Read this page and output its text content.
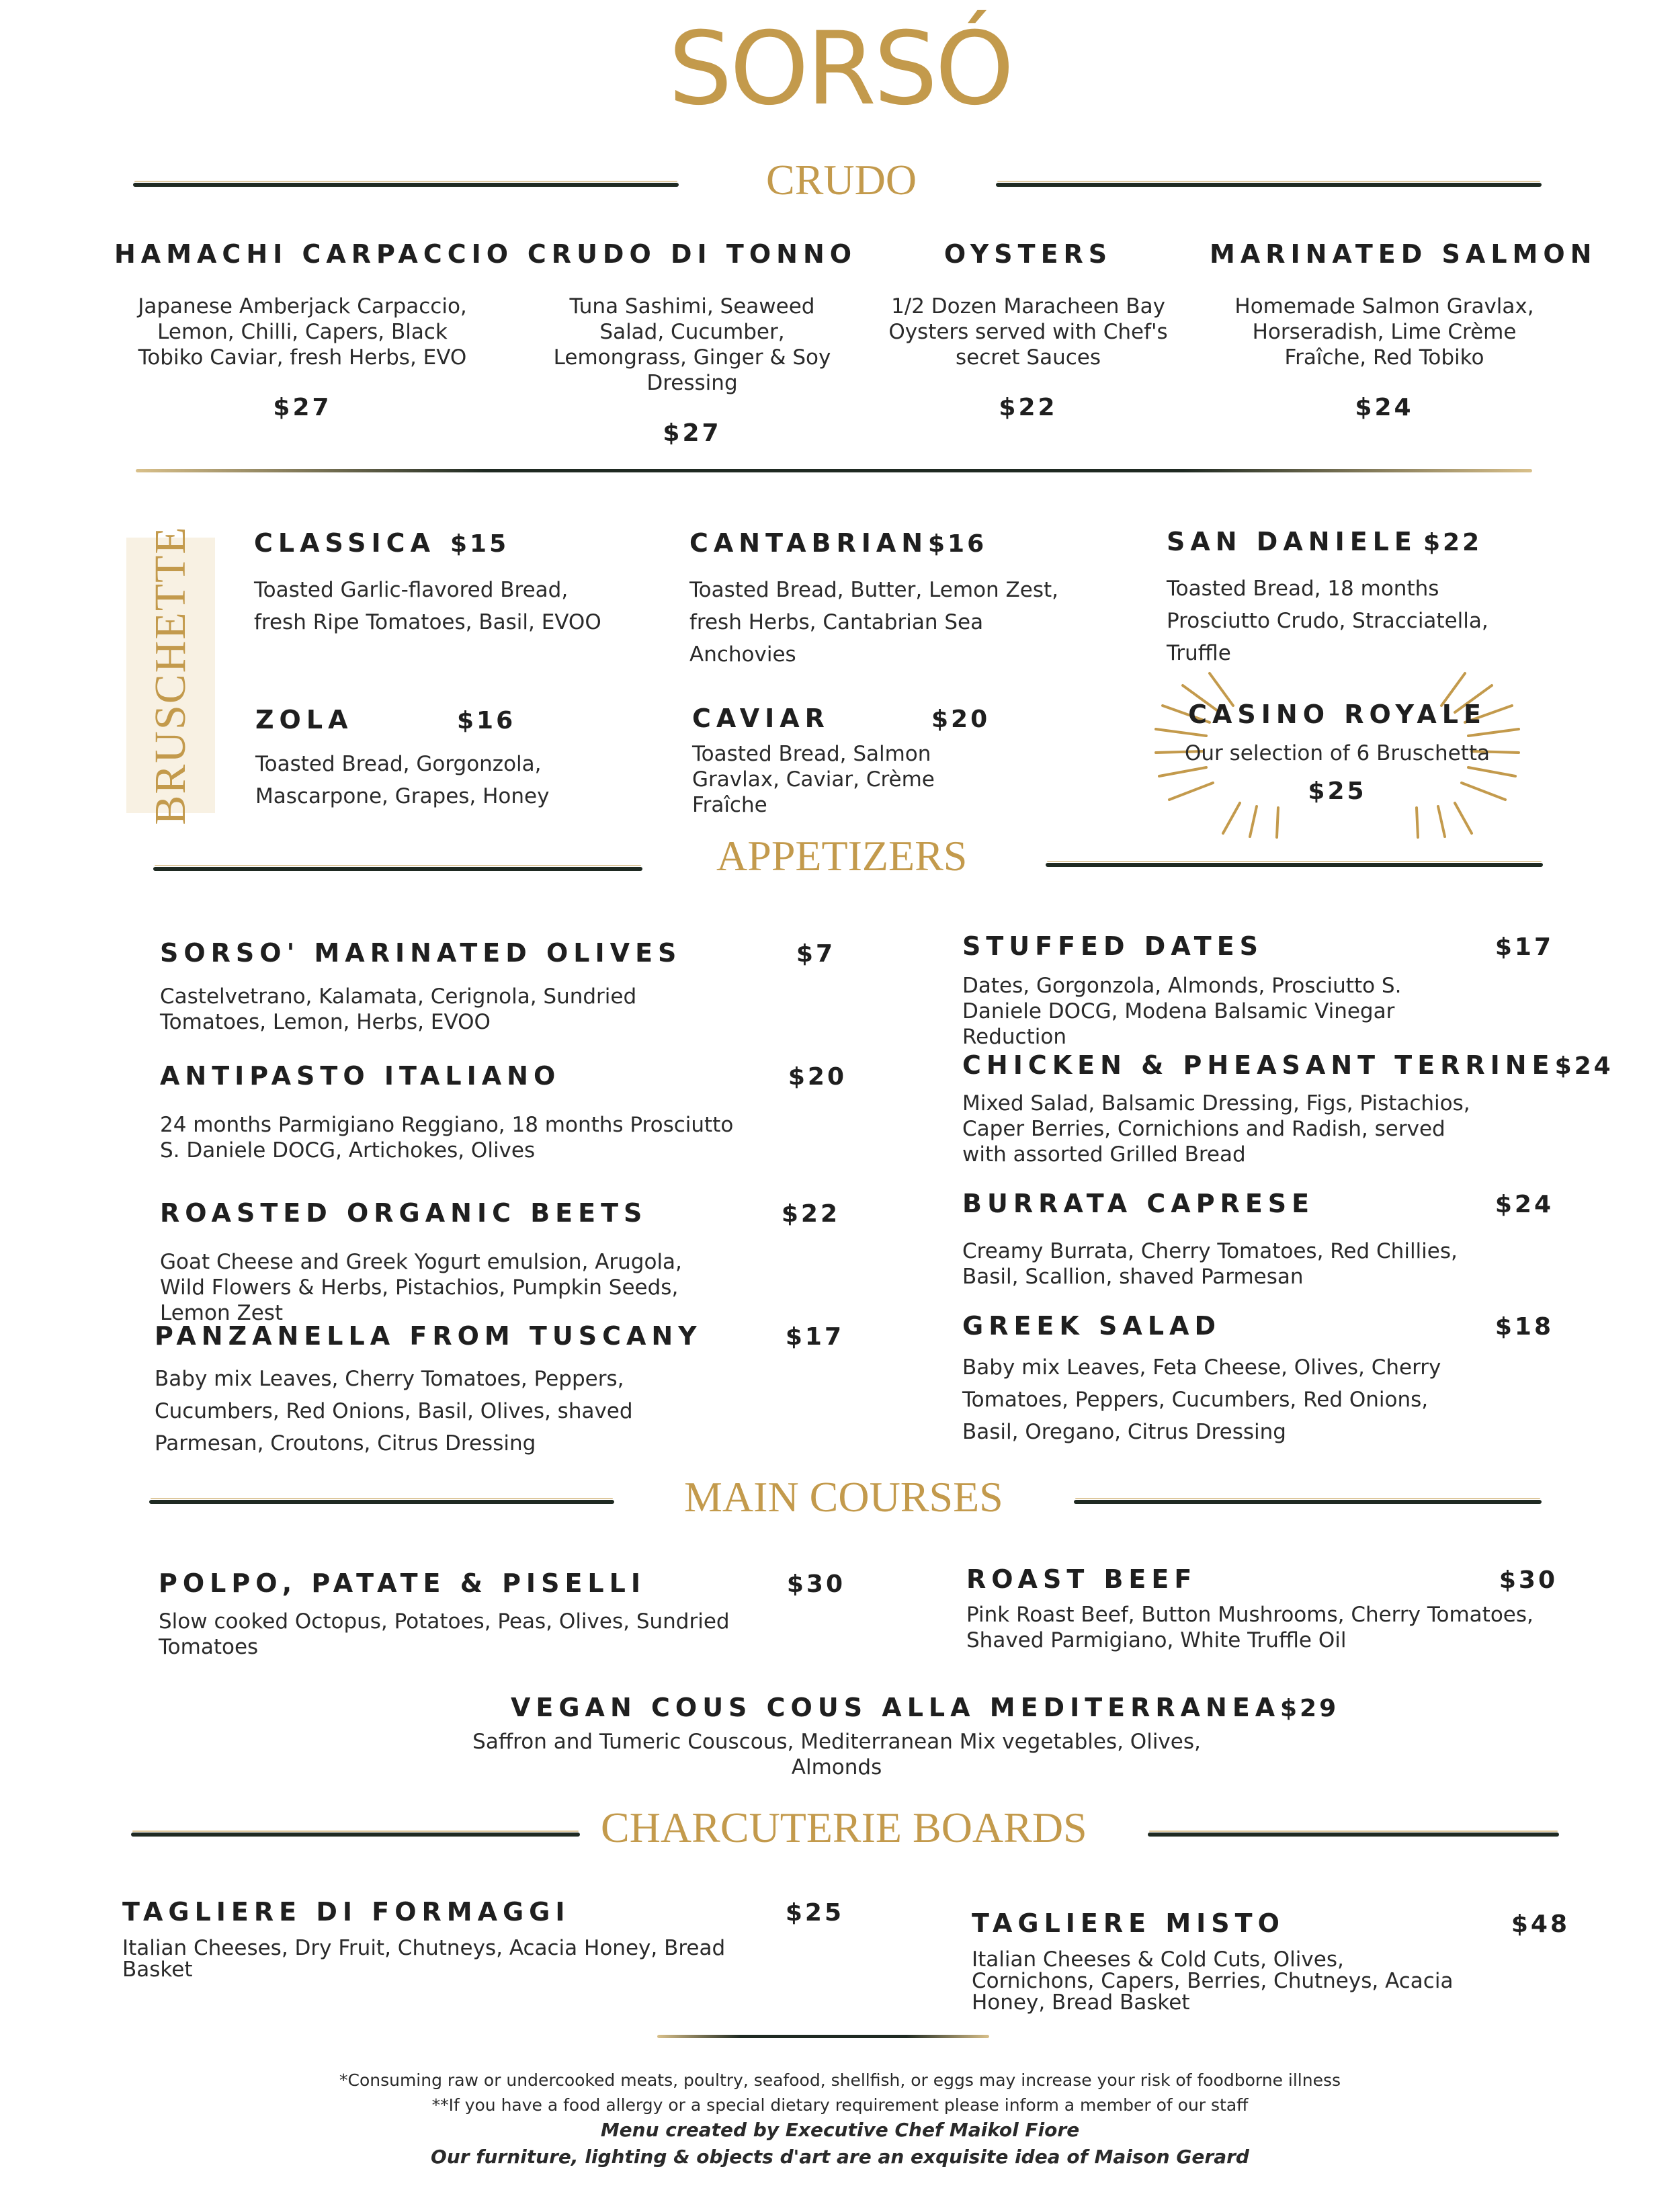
SORSÓ
CRUDO
HAMACHI CARPACCIO
Japanese Amberjack Carpaccio, Lemon, Chilli, Capers, Black Tobiko Caviar, fresh Herbs, EVO
$27
CRUDO DI TONNO
Tuna Sashimi, Seaweed Salad, Cucumber, Lemongrass, Ginger & Soy Dressing
$27
OYSTERS
1/2 Dozen Maracheen Bay Oysters served with Chef's secret Sauces
$22
MARINATED SALMON
Homemade Salmon Gravlax, Horseradish, Lime Crème Fraîche, Red Tobiko
$24
BRUSCHETTE CLASSICA $15
Toasted Garlic-flavored Bread, fresh Ripe Tomatoes, Basil, EVOO
CANTABRIAN $16
Toasted Bread, Butter, Lemon Zest, fresh Herbs, Cantabrian Sea Anchovies
SAN DANIELE $22
Toasted Bread, 18 months Prosciutto Crudo, Stracciatella, Truffle
ZOLA	$16
Toasted Bread, Gorgonzola, Mascarpone, Grapes, Honey
CAVIAR	$20
Toasted Bread, Salmon Gravlax, Caviar, Crème Fraîche
CASINO ROYALE
Our selection of 6 Bruschetta
$25
APPETIZERS
SORSO' MARINATED OLIVES	$7
Castelvetrano, Kalamata, Cerignola, Sundried Tomatoes, Lemon, Herbs, EVOO
ANTIPASTO ITALIANO	$20
24 months Parmigiano Reggiano, 18 months Prosciutto S. Daniele DOCG, Artichokes, Olives
ROASTED ORGANIC BEETS	$22
Goat Cheese and Greek Yogurt emulsion, Arugola, Wild Flowers & Herbs, Pistachios, Pumpkin Seeds, Lemon Zest
PANZANELLA FROM TUSCANY	$17
Baby mix Leaves, Cherry Tomatoes, Peppers, Cucumbers, Red Onions, Basil, Olives, shaved Parmesan, Croutons, Citrus Dressing
STUFFED DATES	$17
Dates, Gorgonzola, Almonds, Prosciutto S. Daniele DOCG, Modena Balsamic Vinegar Reduction
CHICKEN & PHEASANT TERRINE $24
Mixed Salad, Balsamic Dressing, Figs, Pistachios, Caper Berries, Cornichions and Radish, served with assorted Grilled Bread
BURRATA CAPRESE	$24
Creamy Burrata, Cherry Tomatoes, Red Chillies, Basil, Scallion, shaved Parmesan
GREEK SALAD	$18
Baby mix Leaves, Feta Cheese, Olives, Cherry Tomatoes, Peppers, Cucumbers, Red Onions, Basil, Oregano, Citrus Dressing
MAIN COURSES
POLPO, PATATE & PISELLI	$30
Slow cooked Octopus, Potatoes, Peas, Olives, Sundried Tomatoes
ROAST BEEF	$30
Pink Roast Beef, Button Mushrooms, Cherry Tomatoes, Shaved Parmigiano, White Truffle Oil
VEGAN COUS COUS ALLA MEDITERRANEA $29
Saffron and Tumeric Couscous, Mediterranean Mix vegetables, Olives, Almonds
CHARCUTERIE BOARDS
TAGLIERE DI FORMAGGI	$25
Italian Cheeses, Dry Fruit, Chutneys, Acacia Honey, Bread Basket
TAGLIERE MISTO	$48
Italian Cheeses & Cold Cuts, Olives, Cornichons, Capers, Berries, Chutneys, Acacia Honey, Bread Basket
*Consuming raw or undercooked meats, poultry, seafood, shellfish, or eggs may increase your risk of foodborne illness
**If you have a food allergy or a special dietary requirement please inform a member of our staff
Menu created by Executive Chef Maikol Fiore
Our furniture, lighting & objects d'art are an exquisite idea of Maison Gerard
